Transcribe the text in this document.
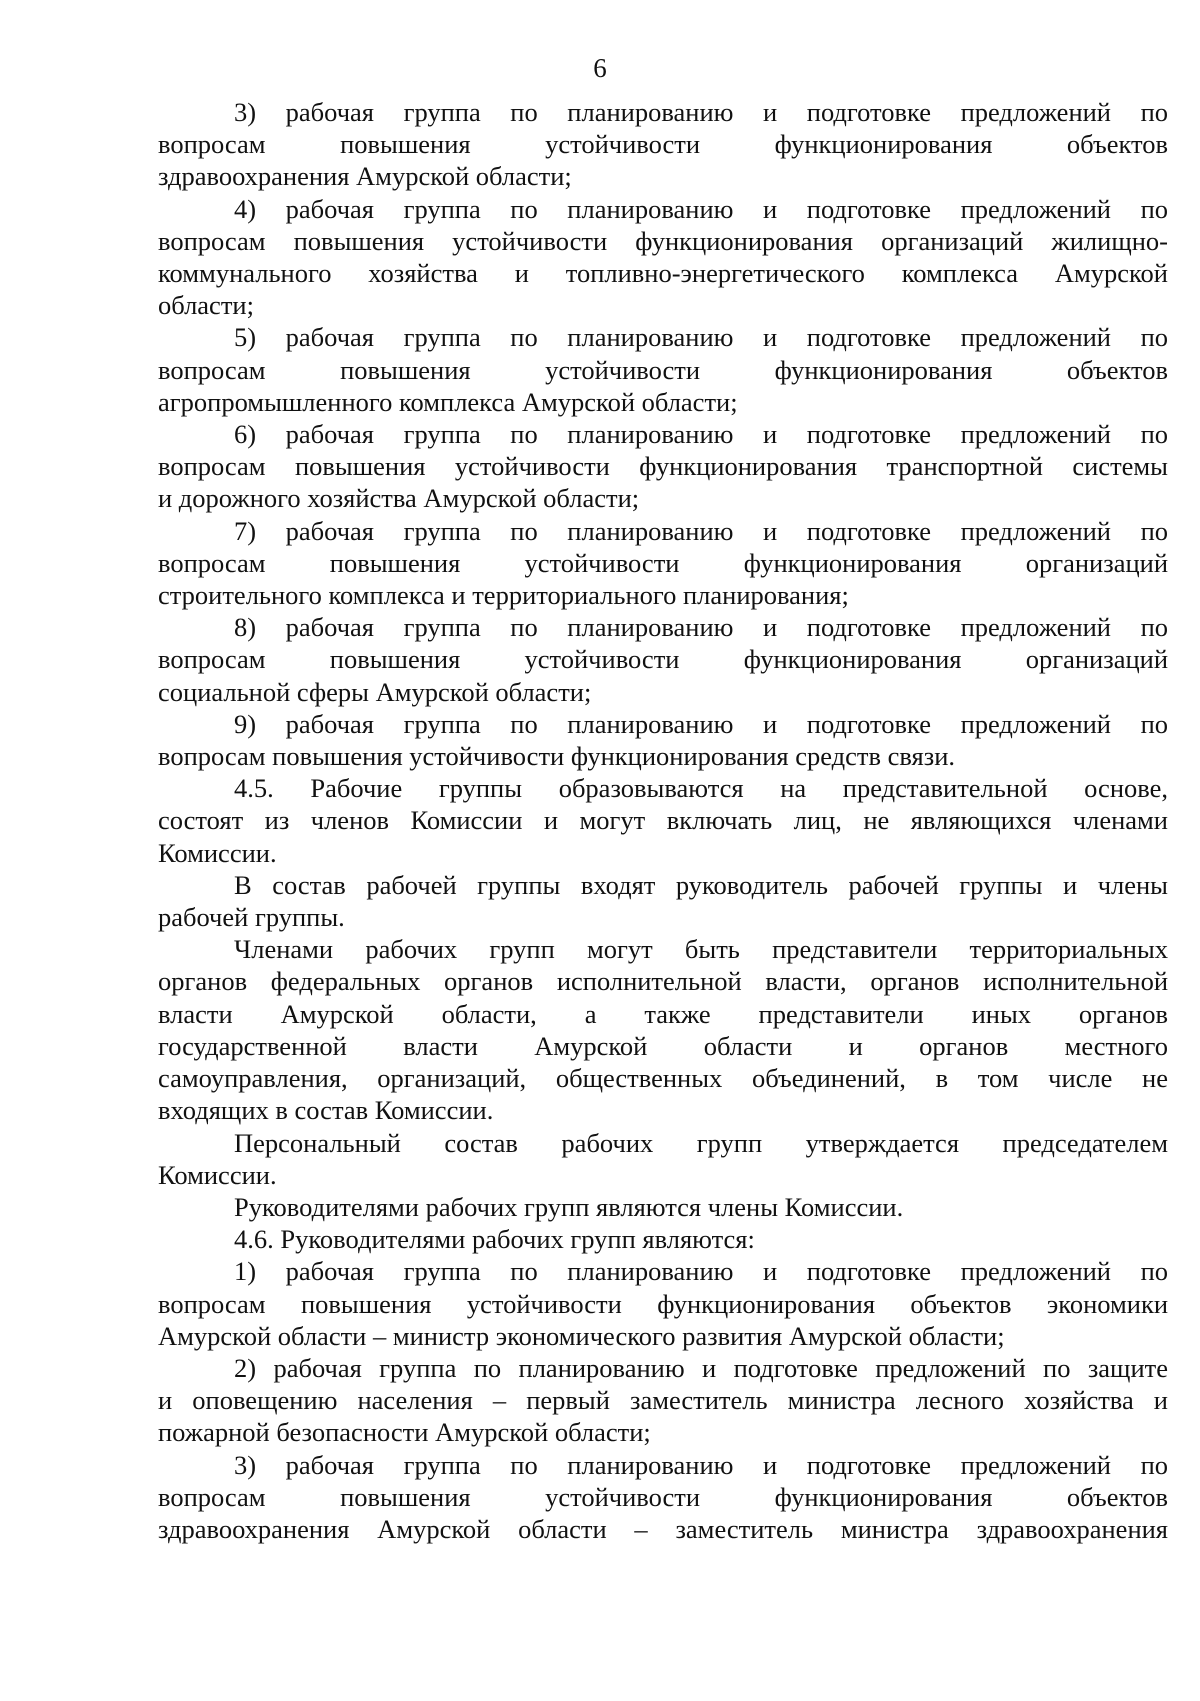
6
3) рабочая группа по планированию и подготовке предложений по
вопросам повышения устойчивости функционирования объектов
здравоохранения Амурской области;
4) рабочая группа по планированию и подготовке предложений по
вопросам повышения устойчивости функционирования организаций жилищно-
коммунального хозяйства и топливно-энергетического комплекса Амурской
области;
5) рабочая группа по планированию и подготовке предложений по
вопросам повышения устойчивости функционирования объектов
агропромышленного комплекса Амурской области;
6) рабочая группа по планированию и подготовке предложений по
вопросам повышения устойчивости функционирования транспортной системы
и дорожного хозяйства Амурской области;
7) рабочая группа по планированию и подготовке предложений по
вопросам повышения устойчивости функционирования организаций
строительного комплекса и территориального планирования;
8) рабочая группа по планированию и подготовке предложений по
вопросам повышения устойчивости функционирования организаций
социальной сферы Амурской области;
9) рабочая группа по планированию и подготовке предложений по
вопросам повышения устойчивости функционирования средств связи.
4.5. Рабочие группы образовываются на представительной основе,
состоят из членов Комиссии и могут включать лиц, не являющихся членами
Комиссии.
В состав рабочей группы входят руководитель рабочей группы и члены
рабочей группы.
Членами рабочих групп могут быть представители территориальных
органов федеральных органов исполнительной власти, органов исполнительной
власти Амурской области, а также представители иных органов
государственной власти Амурской области и органов местного
самоуправления, организаций, общественных объединений, в том числе не
входящих в состав Комиссии.
Персональный состав рабочих групп утверждается председателем
Комиссии.
Руководителями рабочих групп являются члены Комиссии.
4.6. Руководителями рабочих групп являются:
1) рабочая группа по планированию и подготовке предложений по
вопросам повышения устойчивости функционирования объектов экономики
Амурской области – министр экономического развития Амурской области;
2) рабочая группа по планированию и подготовке предложений по защите
и оповещению населения – первый заместитель министра лесного хозяйства и
пожарной безопасности Амурской области;
3) рабочая группа по планированию и подготовке предложений по
вопросам повышения устойчивости функционирования объектов
здравоохранения Амурской области – заместитель министра здравоохранения
